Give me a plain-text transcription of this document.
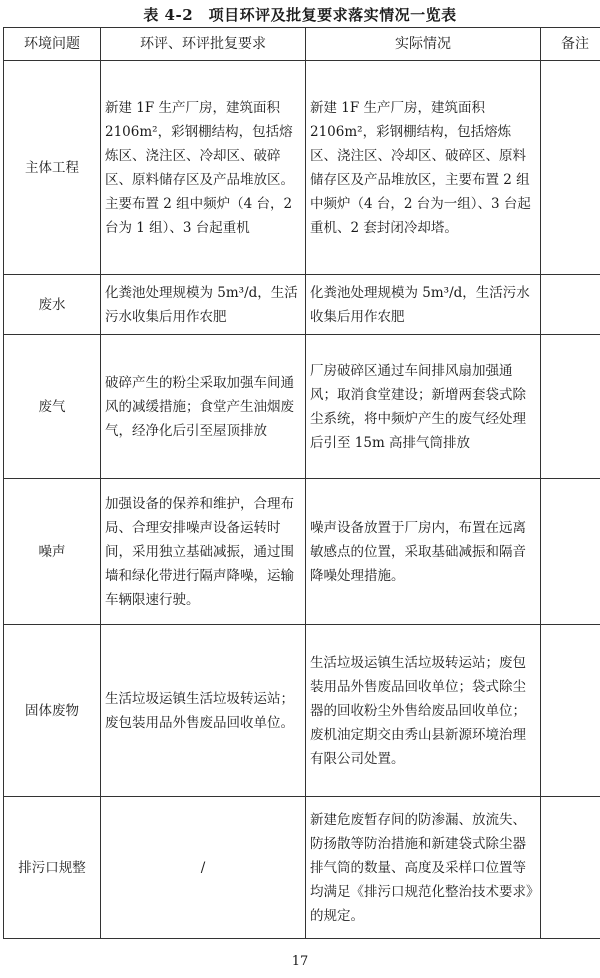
表 4-2　项目环评及批复要求落实情况一览表
环境问题	环评、环评批复要求	实际情况	备注
主体工程	新建 1F 生产厂房，建筑面积 2106m²，彩钢棚结构，包括熔炼区、浇注区、冷却区、破碎区、原料储存区及产品堆放区。主要布置 2 组中频炉（4 台，2 台为 1 组）、3 台起重机	新建 1F 生产厂房，建筑面积 2106m²，彩钢棚结构，包括熔炼区、浇注区、冷却区、破碎区、原料储存区及产品堆放区，主要布置 2 组中频炉（4 台，2 台为一组）、3 台起重机、2 套封闭冷却塔。	
废水	化粪池处理规模为 5m³/d，生活污水收集后用作农肥	化粪池处理规模为 5m³/d，生活污水收集后用作农肥	
废气	破碎产生的粉尘采取加强车间通风的减缓措施；食堂产生油烟废气，经净化后引至屋顶排放	厂房破碎区通过车间排风扇加强通风；取消食堂建设；新增两套袋式除尘系统，将中频炉产生的废气经处理后引至 15m 高排气筒排放	
噪声	加强设备的保养和维护，合理布局、合理安排噪声设备运转时间，采用独立基础减振，通过围墙和绿化带进行隔声降噪，运输车辆限速行驶。	噪声设备放置于厂房内，布置在远离敏感点的位置，采取基础减振和隔音降噪处理措施。	
固体废物	生活垃圾运镇生活垃圾转运站；废包装用品外售废品回收单位。	生活垃圾运镇生活垃圾转运站；废包装用品外售废品回收单位；袋式除尘器的回收粉尘外售给废品回收单位；废机油定期交由秀山县新源环境治理有限公司处置。	
排污口规整	/	新建危废暂存间的防渗漏、放流失、防扬散等防治措施和新建袋式除尘器排气筒的数量、高度及采样口位置等均满足《排污口规范化整治技术要求》的规定。	
17
